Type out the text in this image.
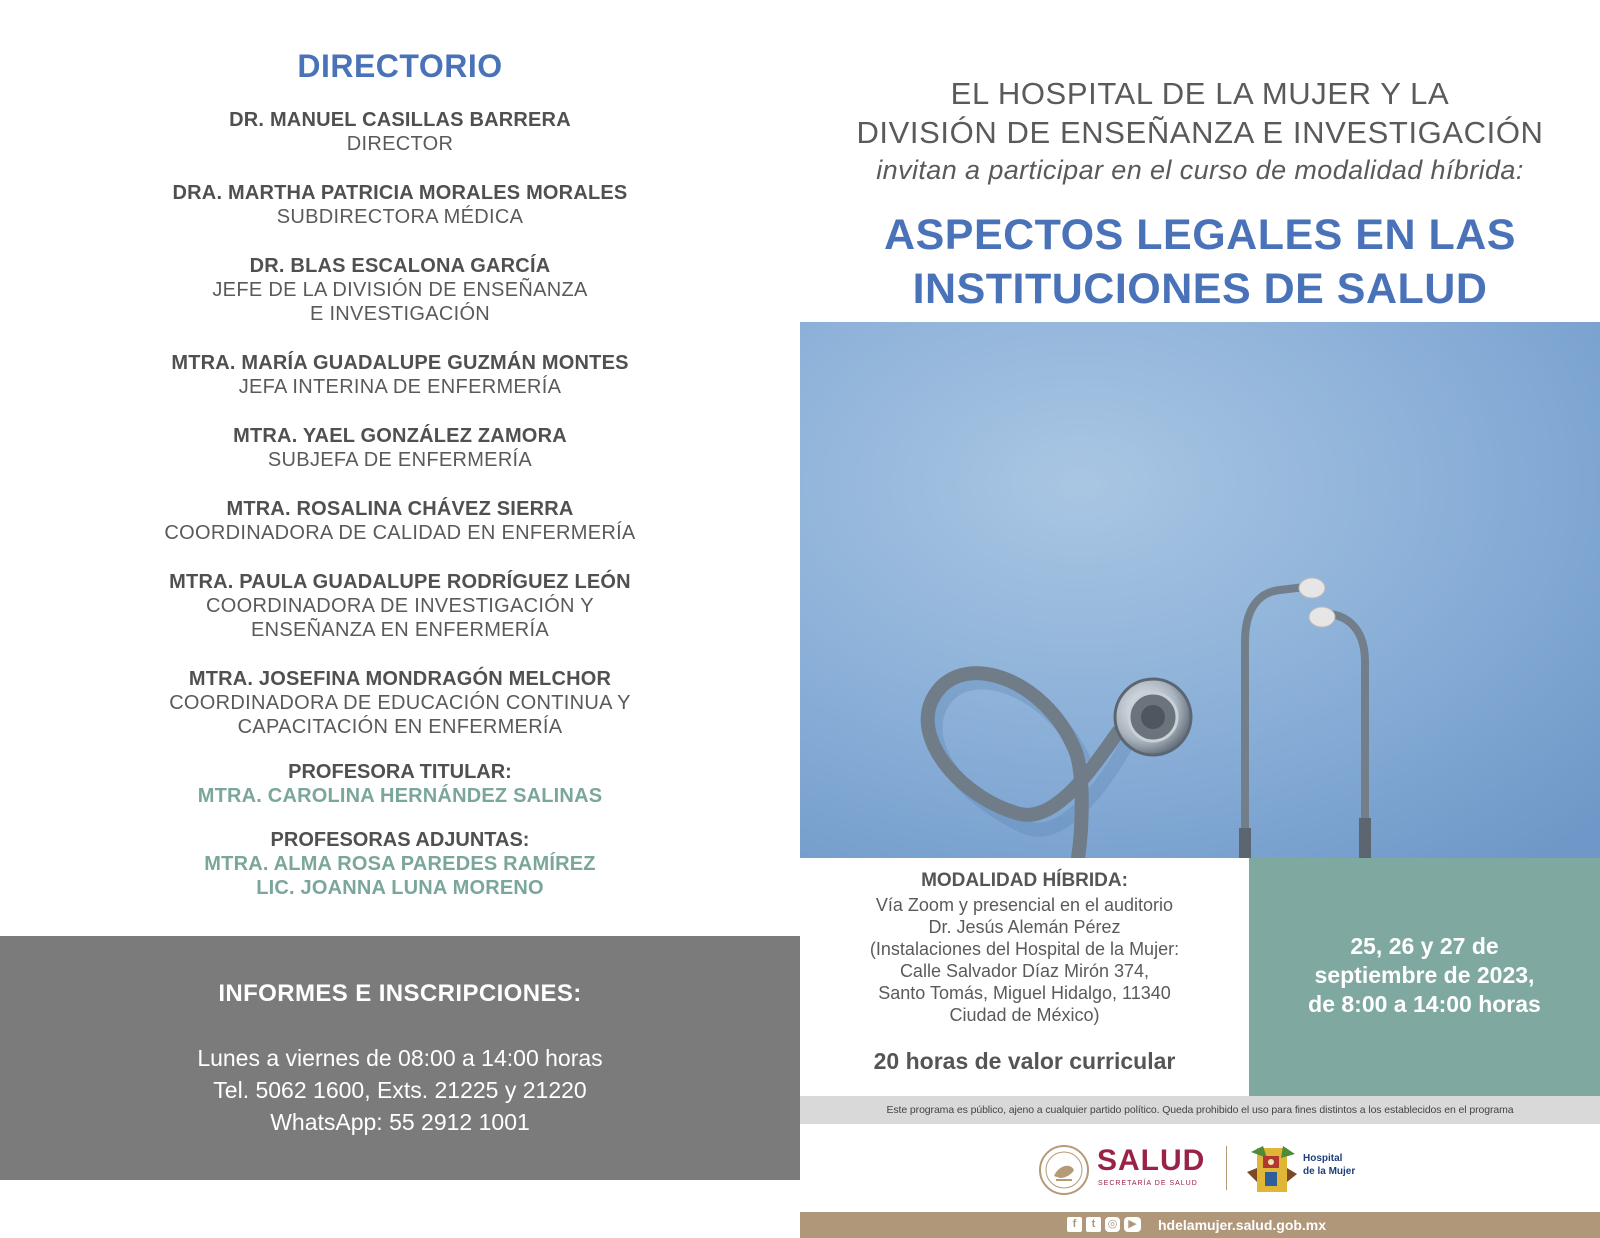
DIRECTORIO
DR. MANUEL CASILLAS BARRERA
DIRECTOR
DRA. MARTHA PATRICIA MORALES MORALES
SUBDIRECTORA MÉDICA
DR. BLAS ESCALONA GARCÍA
JEFE DE LA DIVISIÓN DE ENSEÑANZA
E INVESTIGACIÓN
MTRA. MARÍA GUADALUPE GUZMÁN MONTES
JEFA INTERINA DE ENFERMERÍA
MTRA. YAEL GONZÁLEZ ZAMORA
SUBJEFA DE ENFERMERÍA
MTRA. ROSALINA CHÁVEZ SIERRA
COORDINADORA DE CALIDAD EN ENFERMERÍA
MTRA. PAULA GUADALUPE RODRÍGUEZ LEÓN
COORDINADORA DE INVESTIGACIÓN Y
ENSEÑANZA EN ENFERMERÍA
MTRA. JOSEFINA MONDRAGÓN MELCHOR
COORDINADORA DE EDUCACIÓN CONTINUA Y
CAPACITACIÓN EN ENFERMERÍA
PROFESORA TITULAR:
MTRA. CAROLINA HERNÁNDEZ SALINAS
PROFESORAS ADJUNTAS:
MTRA. ALMA ROSA PAREDES RAMÍREZ
LIC. JOANNA LUNA MORENO
INFORMES E INSCRIPCIONES:
Lunes a viernes de 08:00 a 14:00 horas
Tel. 5062 1600, Exts. 21225 y 21220
WhatsApp: 55 2912 1001
EL HOSPITAL DE LA MUJER Y LA
DIVISIÓN DE ENSEÑANZA E INVESTIGACIÓN
invitan a participar en el curso de modalidad híbrida:
ASPECTOS LEGALES EN LAS
INSTITUCIONES DE SALUD
MODALIDAD HÍBRIDA:
Vía Zoom y presencial en el auditorio
Dr. Jesús Alemán Pérez
(Instalaciones del Hospital de la Mujer:
Calle Salvador Díaz Mirón 374,
Santo Tomás, Miguel Hidalgo, 11340
Ciudad de México)
20 horas de valor curricular
25, 26 y 27 de
septiembre de 2023,
de 8:00 a 14:00 horas
Este programa es público, ajeno a cualquier partido político. Queda prohibido el uso para fines distintos a los establecidos en el programa
SALUD
SECRETARÍA DE SALUD
Hospital
de la Mujer
f	t	◎ ▶	hdelamujer.salud.gob.mx
